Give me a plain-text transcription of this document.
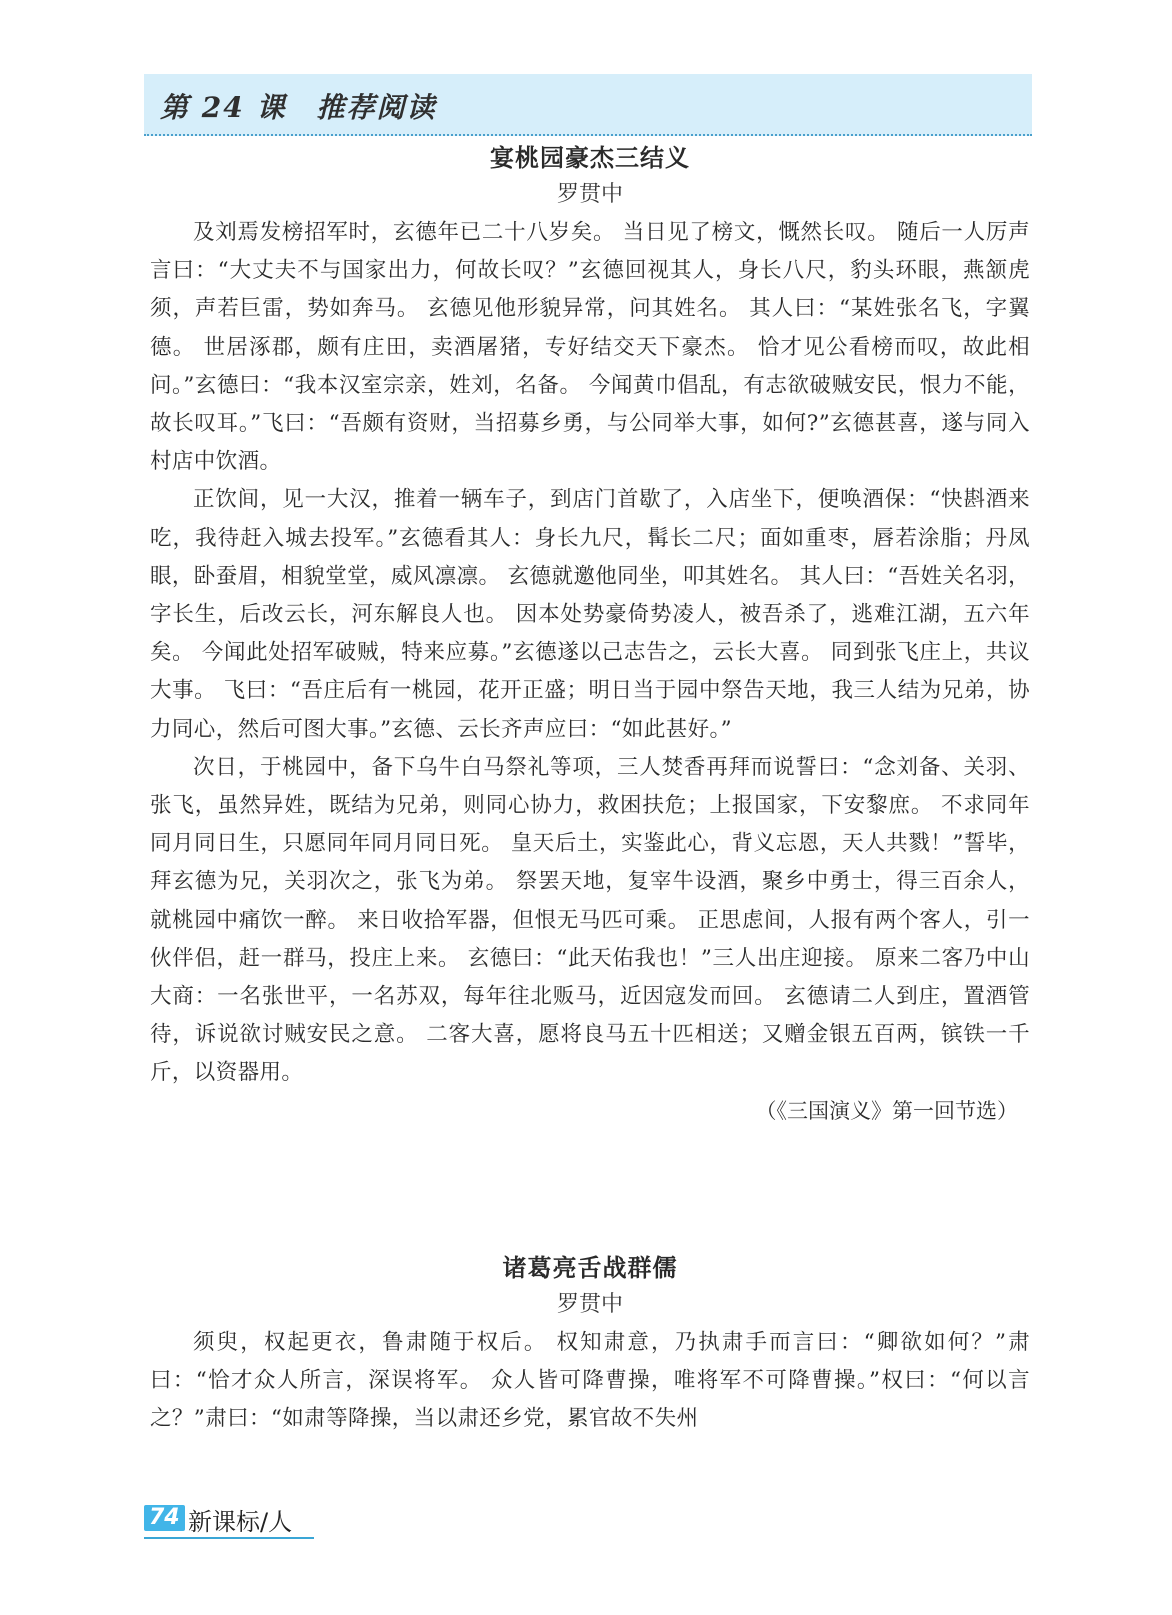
第 24 课　推荐阅读

宴桃园豪杰三结义

罗贯中

及刘焉发榜招军时，玄德年已二十八岁矣。 当日见了榜文，慨然长叹。 随后一人厉声言曰：“大丈夫不与国家出力，何故长叹？”玄德回视其人，身长八尺，豹头环眼，燕颔虎须，声若巨雷，势如奔马。 玄德见他形貌异常，问其姓名。 其人曰：“某姓张名飞，字翼德。 世居涿郡，颇有庄田，卖酒屠猪，专好结交天下豪杰。 恰才见公看榜而叹，故此相问。”玄德曰：“我本汉室宗亲，姓刘，名备。 今闻黄巾倡乱，有志欲破贼安民，恨力不能，故长叹耳。”飞曰：“吾颇有资财，当招募乡勇，与公同举大事，如何?”玄德甚喜，遂与同入村店中饮酒。

正饮间，见一大汉，推着一辆车子，到店门首歇了，入店坐下，便唤酒保：“快斟酒来吃，我待赶入城去投军。”玄德看其人：身长九尺，髯长二尺；面如重枣，唇若涂脂；丹凤眼，卧蚕眉，相貌堂堂，威风凛凛。 玄德就邀他同坐，叩其姓名。 其人曰：“吾姓关名羽，字长生，后改云长，河东解良人也。 因本处势豪倚势凌人，被吾杀了，逃难江湖，五六年矣。 今闻此处招军破贼，特来应募。”玄德遂以己志告之，云长大喜。 同到张飞庄上，共议大事。 飞曰：“吾庄后有一桃园，花开正盛；明日当于园中祭告天地，我三人结为兄弟，协力同心，然后可图大事。”玄德、云长齐声应曰：“如此甚好。”

次日，于桃园中，备下乌牛白马祭礼等项，三人焚香再拜而说誓曰：“念刘备、关羽、张飞，虽然异姓，既结为兄弟，则同心协力，救困扶危；上报国家，下安黎庶。 不求同年同月同日生，只愿同年同月同日死。 皇天后土，实鉴此心，背义忘恩，天人共戮！”誓毕，拜玄德为兄，关羽次之，张飞为弟。 祭罢天地，复宰牛设酒，聚乡中勇士，得三百余人，就桃园中痛饮一醉。 来日收拾军器，但恨无马匹可乘。 正思虑间，人报有两个客人，引一伙伴侣，赶一群马，投庄上来。 玄德曰：“此天佑我也！”三人出庄迎接。 原来二客乃中山大商：一名张世平，一名苏双，每年往北贩马，近因寇发而回。 玄德请二人到庄，置酒管待，诉说欲讨贼安民之意。 二客大喜，愿将良马五十匹相送；又赠金银五百两，镔铁一千斤，以资器用。

（《三国演义》第一回节选）

诸葛亮舌战群儒

罗贯中

须臾，权起更衣，鲁肃随于权后。 权知肃意，乃执肃手而言曰：“卿欲如何？”肃曰：“恰才众人所言，深误将军。 众人皆可降曹操，唯将军不可降曹操。”权曰：“何以言之？”肃曰：“如肃等降操，当以肃还乡党，累官故不失州

74 新课标/人
